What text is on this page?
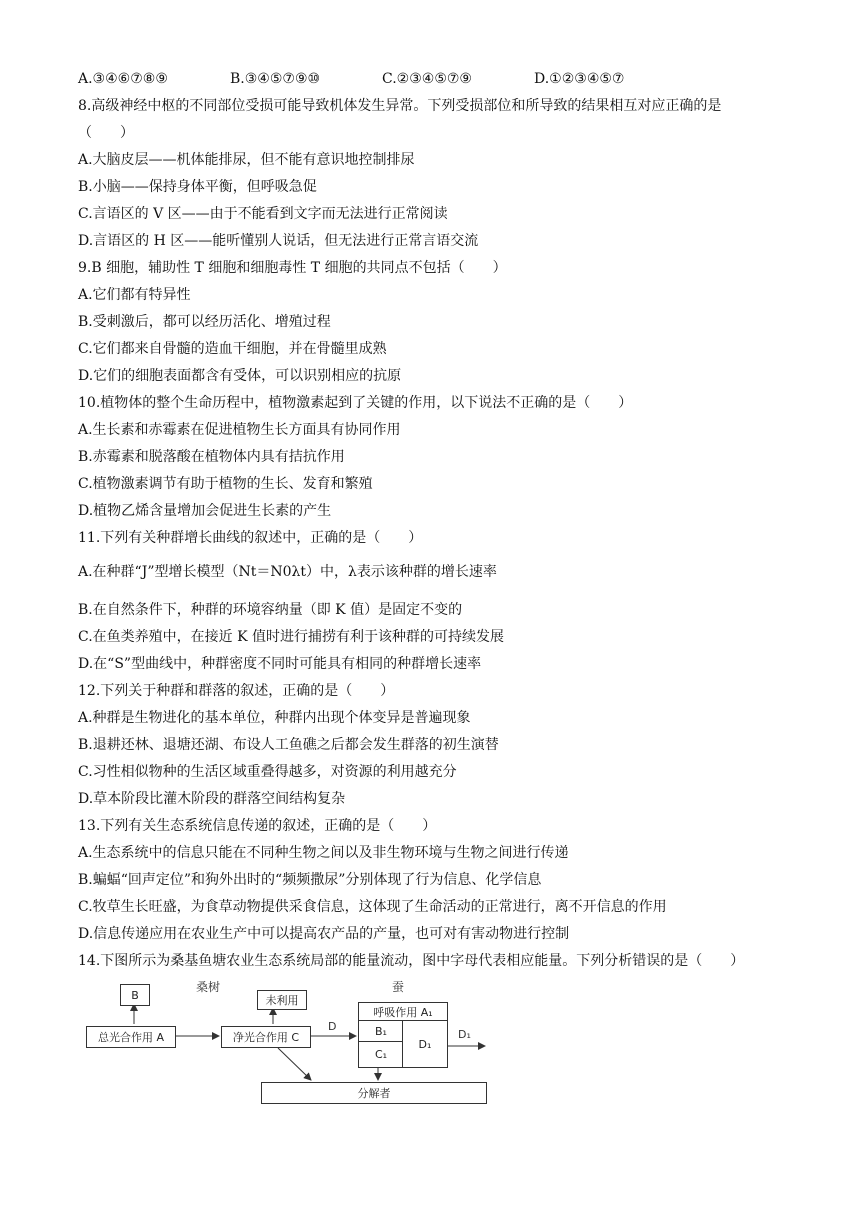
A.③④⑥⑦⑧⑨	B.③④⑤⑦⑨⑩	C.②③④⑤⑦⑨	D.①②③④⑤⑦
8.高级神经中枢的不同部位受损可能导致机体发生异常。下列受损部位和所导致的结果相互对应正确的是
（　　）
A.大脑皮层——机体能排尿，但不能有意识地控制排尿
B.小脑——保持身体平衡，但呼吸急促
C.言语区的 V 区——由于不能看到文字而无法进行正常阅读
D.言语区的 H 区——能听懂别人说话，但无法进行正常言语交流
9.B 细胞，辅助性 T 细胞和细胞毒性 T 细胞的共同点不包括（　　）
A.它们都有特异性
B.受刺激后，都可以经历活化、增殖过程
C.它们都来自骨髓的造血干细胞，并在骨髓里成熟
D.它们的细胞表面都含有受体，可以识别相应的抗原
10.植物体的整个生命历程中，植物激素起到了关键的作用，以下说法不正确的是（　　）
A.生长素和赤霉素在促进植物生长方面具有协同作用
B.赤霉素和脱落酸在植物体内具有拮抗作用
C.植物激素调节有助于植物的生长、发育和繁殖
D.植物乙烯含量增加会促进生长素的产生
11.下列有关种群增长曲线的叙述中，正确的是（　　）
A.在种群“J”型增长模型（Nt＝N0λt）中，λ表示该种群的增长速率
B.在自然条件下，种群的环境容纳量（即 K 值）是固定不变的
C.在鱼类养殖中，在接近 K 值时进行捕捞有利于该种群的可持续发展
D.在“S”型曲线中，种群密度不同时可能具有相同的种群增长速率
12.下列关于种群和群落的叙述，正确的是（　　）
A.种群是生物进化的基本单位，种群内出现个体变异是普遍现象
B.退耕还林、退塘还湖、布设人工鱼礁之后都会发生群落的初生演替
C.习性相似物种的生活区域重叠得越多，对资源的利用越充分
D.草本阶段比灌木阶段的群落空间结构复杂
13.下列有关生态系统信息传递的叙述，正确的是（　　）
A.生态系统中的信息只能在不同种生物之间以及非生物环境与生物之间进行传递
B.蝙蝠“回声定位”和狗外出时的“频频撒尿”分别体现了行为信息、化学信息
C.牧草生长旺盛，为食草动物提供采食信息，这体现了生命活动的正常进行，离不开信息的作用
D.信息传递应用在农业生产中可以提高农产品的产量，也可对有害动物进行控制
14.下图所示为桑基鱼塘农业生态系统局部的能量流动，图中字母代表相应能量。下列分析错误的是（　　）
桑树	蚕
B
总光合作用 A
未利用
净光合作用 C
D
呼吸作用 A₁
B₁
C₁
D₁
D₁
分解者
